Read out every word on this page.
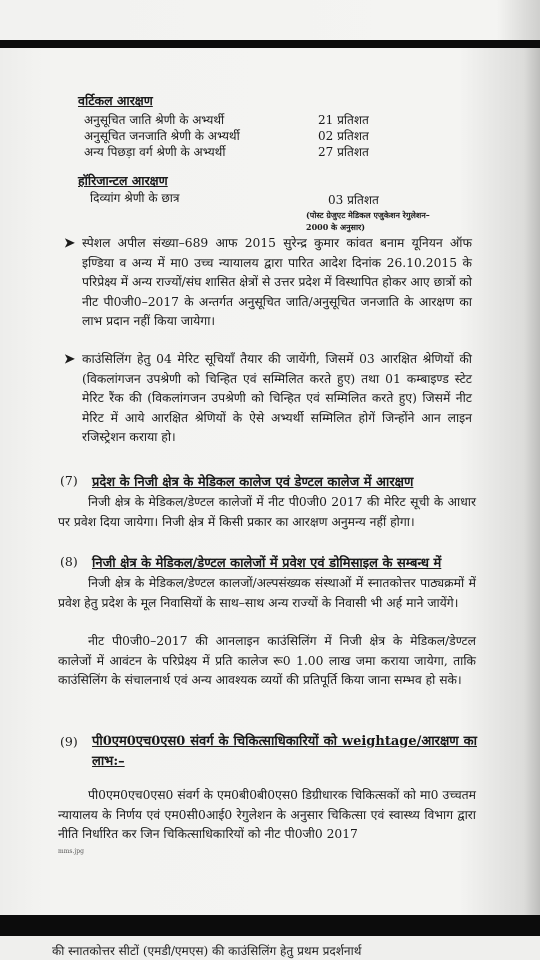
वर्टिकल आरक्षण
अनुसूचित जाति श्रेणी के अभ्यर्थी	21 प्रतिशत
अनुसूचित जनजाति श्रेणी के अभ्यर्थी	02 प्रतिशत
अन्य पिछड़ा वर्ग श्रेणी के अभ्यर्थी	27 प्रतिशत
हॉरिजान्टल आरक्षण
दिव्यांग श्रेणी के छात्र	03 प्रतिशत
(पोस्ट ग्रेजुएट मेडिकल एजुकेशन रेगुलेशन–2000 के अनुसार)
➤ स्पेशल अपील संख्या–689 आफ 2015 सुरेन्द्र कुमार कांवत बनाम यूनियन ऑफ इण्डिया व अन्य में मा0 उच्च न्यायालय द्वारा पारित आदेश दिनांक 26.10.2015 के परिप्रेक्ष्य में अन्य राज्यों/संघ शासित क्षेत्रों से उत्तर प्रदेश में विस्थापित होकर आए छात्रों को नीट पी0जी0–2017 के अन्तर्गत अनुसूचित जाति/अनुसूचित जनजाति के आरक्षण का लाभ प्रदान नहीं किया जायेगा।
➤ काउंसिलिंग हेतु 04 मेरिट सूचियॉं तैयार की जायेंगी, जिसमें 03 आरक्षित श्रेणियों की (विकलांगजन उपश्रेणी को चिन्हित एवं सम्मिलित करते हुए) तथा 01 कम्बाइण्ड स्टेट मेरिट रैंक की (विकलांगजन उपश्रेणी को चिन्हित एवं सम्मिलित करते हुए) जिसमें नीट मेरिट में आये आरक्षित श्रेणियों के ऐसे अभ्यर्थी सम्मिलित होगें जिन्होंने आन लाइन रजिस्ट्रेशन कराया हो।
(7) प्रदेश के निजी क्षेत्र के मेडिकल कालेज एवं डेण्टल कालेज में आरक्षण
निजी क्षेत्र के मेडिकल/डेण्टल कालेजों में नीट पी0जी0 2017 की मेरिट सूची के आधार पर प्रवेश दिया जायेगा। निजी क्षेत्र में किसी प्रकार का आरक्षण अनुमन्य नहीं होगा।
(8) निजी क्षेत्र के मेडिकल/डेण्टल कालेजों में प्रवेश एवं डोमिसाइल के सम्बन्ध में
निजी क्षेत्र के मेडिकल/डेण्टल कालजों/अल्पसंख्यक संस्थाओं में स्नातकोत्तर पाठ्यक्रमों में प्रवेश हेतु प्रदेश के मूल निवासियों के साथ–साथ अन्य राज्यों के निवासी भी अर्ह माने जायेंगे।
नीट पी0जी0–2017 की आनलाइन काउंसिलिंग में निजी क्षेत्र के मेडिकल/डेण्टल कालेजों में आवंटन के परिप्रेक्ष्य में प्रति कालेज रू0 1.00 लाख जमा कराया जायेगा, ताकि काउंसिलिंग के संचालनार्थ एवं अन्य आवश्यक व्ययों की प्रतिपूर्ति किया जाना सम्भव हो सके।
(9) पी0एम0एच0एस0 संवर्ग के चिकित्साधिकारियों को weightage/आरक्षण का लाभ:–
पी0एम0एच0एस0 संवर्ग के एम0बी0बी0एस0 डिग्रीधारक चिकित्सकों को मा0 उच्चतम न्यायालय के निर्णय एवं एम0सी0आई0 रेगुलेशन के अनुसार चिकित्सा एवं स्वास्थ्य विभाग द्वारा नीति निर्धारित कर जिन चिकित्साधिकारियों को नीट पी0जी0 2017
mms.jpg
की स्नातकोत्तर सीटों (एमडी/एमएस) की काउंसिलिंग हेतु प्रथम प्रदर्शनार्थ
